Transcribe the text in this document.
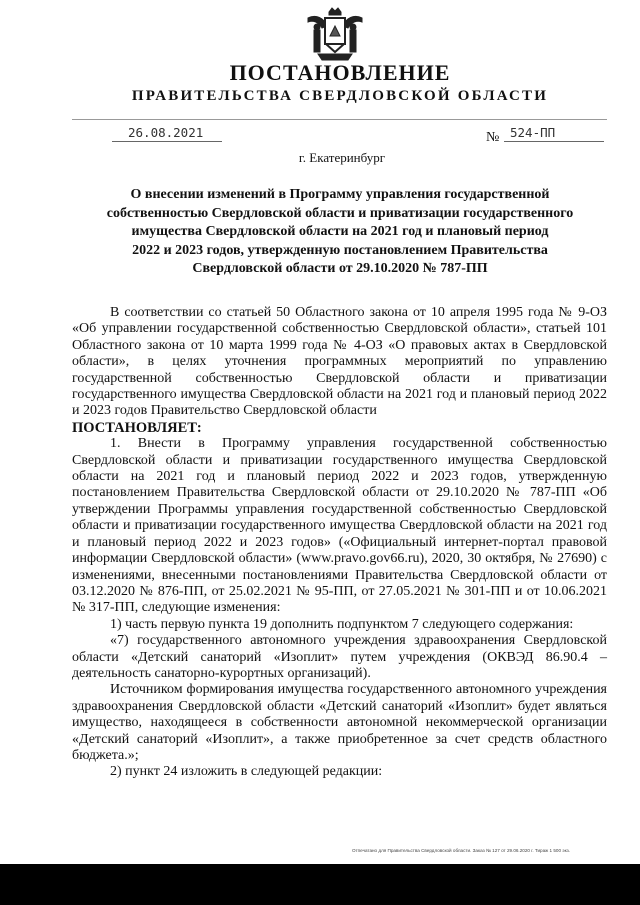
ПОСТАНОВЛЕНИЕ
ПРАВИТЕЛЬСТВА СВЕРДЛОВСКОЙ ОБЛАСТИ
26.08.2021	№ 524-ПП
г. Екатеринбург
О внесении изменений в Программу управления государственной
собственностью Свердловской области и приватизации государственного
имущества Свердловской области на 2021 год и плановый период
2022 и 2023 годов, утвержденную постановлением Правительства
Свердловской области от 29.10.2020 № 787-ПП

В соответствии со статьей 50 Областного закона от 10 апреля 1995 года № 9-ОЗ «Об управлении государственной собственностью Свердловской области», статьей 101 Областного закона от 10 марта 1999 года № 4-ОЗ «О правовых актах в Свердловской области», в целях уточнения программных мероприятий по управлению государственной собственностью Свердловской области и приватизации государственного имущества Свердловской области на 2021 год и плановый период 2022 и 2023 годов Правительство Свердловской области

ПОСТАНОВЛЯЕТ:

1. Внести в Программу управления государственной собственностью Свердловской области и приватизации государственного имущества Свердловской области на 2021 год и плановый период 2022 и 2023 годов, утвержденную постановлением Правительства Свердловской области от 29.10.2020 № 787-ПП «Об утверждении Программы управления государственной собственностью Свердловской области и приватизации государственного имущества Свердловской области на 2021 год и плановый период 2022 и 2023 годов» («Официальный интернет-портал правовой информации Свердловской области» (www.pravo.gov66.ru), 2020, 30 октября, № 27690) с изменениями, внесенными постановлениями Правительства Свердловской области от 03.12.2020 № 876-ПП, от 25.02.2021 № 95-ПП, от 27.05.2021 № 301-ПП и от 10.06.2021 № 317-ПП, следующие изменения:

1) часть первую пункта 19 дополнить подпунктом 7 следующего содержания:

«7) государственного автономного учреждения здравоохранения Свердловской области «Детский санаторий «Изоплит» путем учреждения (ОКВЭД 86.90.4 – деятельность санаторно-курортных организаций).

Источником формирования имущества государственного автономного учреждения здравоохранения Свердловской области «Детский санаторий «Изоплит» будет являться имущество, находящееся в собственности автономной некоммерческой организации «Детский санаторий «Изоплит», а также приобретенное за счет средств областного бюджета.»;

2) пункт 24 изложить в следующей редакции:

Отпечатано для Правительства Свердловской области. Заказ № 127 от 29.06.2020 г. Тираж 1 500 экз.
